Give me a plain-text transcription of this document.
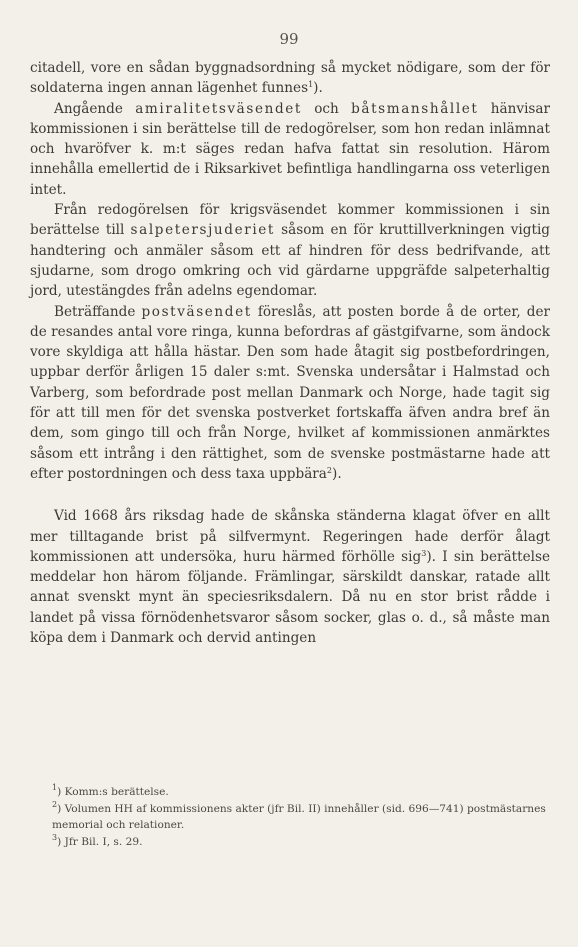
99

citadell, vore en sådan byggnadsordning så mycket nödigare, som der för soldaterna ingen annan lägenhet funnes$^1$).

Angående amiralitetsväsendet och båtsmanshållet hänvisar kommissionen i sin berättelse till de redogörelser, som hon redan inlämnat och hvaröfver k. m:t säges redan hafva fattat sin resolution. Härom innehålla emellertid de i Riksarkivet befintliga handlingarna oss veterligen intet.

Från redogörelsen för krigsväsendet kommer kommissionen i sin berättelse till salpetersjuderiet såsom en för kruttillverkningen vigtig handtering och anmäler såsom ett af hindren för dess bedrifvande, att sjudarne, som drogo omkring och vid gärdarne uppgräfde salpeterhaltig jord, utestängdes från adelns egendomar.

Beträffande postväsendet föreslås, att posten borde å de orter, der de resandes antal vore ringa, kunna befordras af gästgifvarne, som ändock vore skyldiga att hålla hästar. Den som hade åtagit sig postbefordringen, uppbar derför årligen 15 daler s:mt. Svenska undersåtar i Halmstad och Varberg, som befordrade post mellan Danmark och Norge, hade tagit sig för att till men för det svenska postverket fortskaffa äfven andra bref än dem, som gingo till och från Norge, hvilket af kommissionen anmärktes såsom ett intrång i den rättighet, som de svenske postmästarne hade att efter postordningen och dess taxa uppbära$^2$).

Vid 1668 års riksdag hade de skånska ständerna klagat öfver en allt mer tilltagande brist på silfvermynt. Regeringen hade derför ålagt kommissionen att undersöka, huru härmed förhölle sig$^3$). I sin berättelse meddelar hon härom följande. Främlingar, särskildt danskar, ratade allt annat svenskt mynt än speciesriksdalern. Då nu en stor brist rådde i landet på vissa förnödenhetsvaror såsom socker, glas o. d., så måste man köpa dem i Danmark och dervid antingen

$^1$) Komm:s berättelse.
$^2$) Volumen HH af kommissionens akter (jfr Bil. II) innehåller (sid. 696—741) postmästarnes memorial och relationer.
$^3$) Jfr Bil. I, s. 29.
